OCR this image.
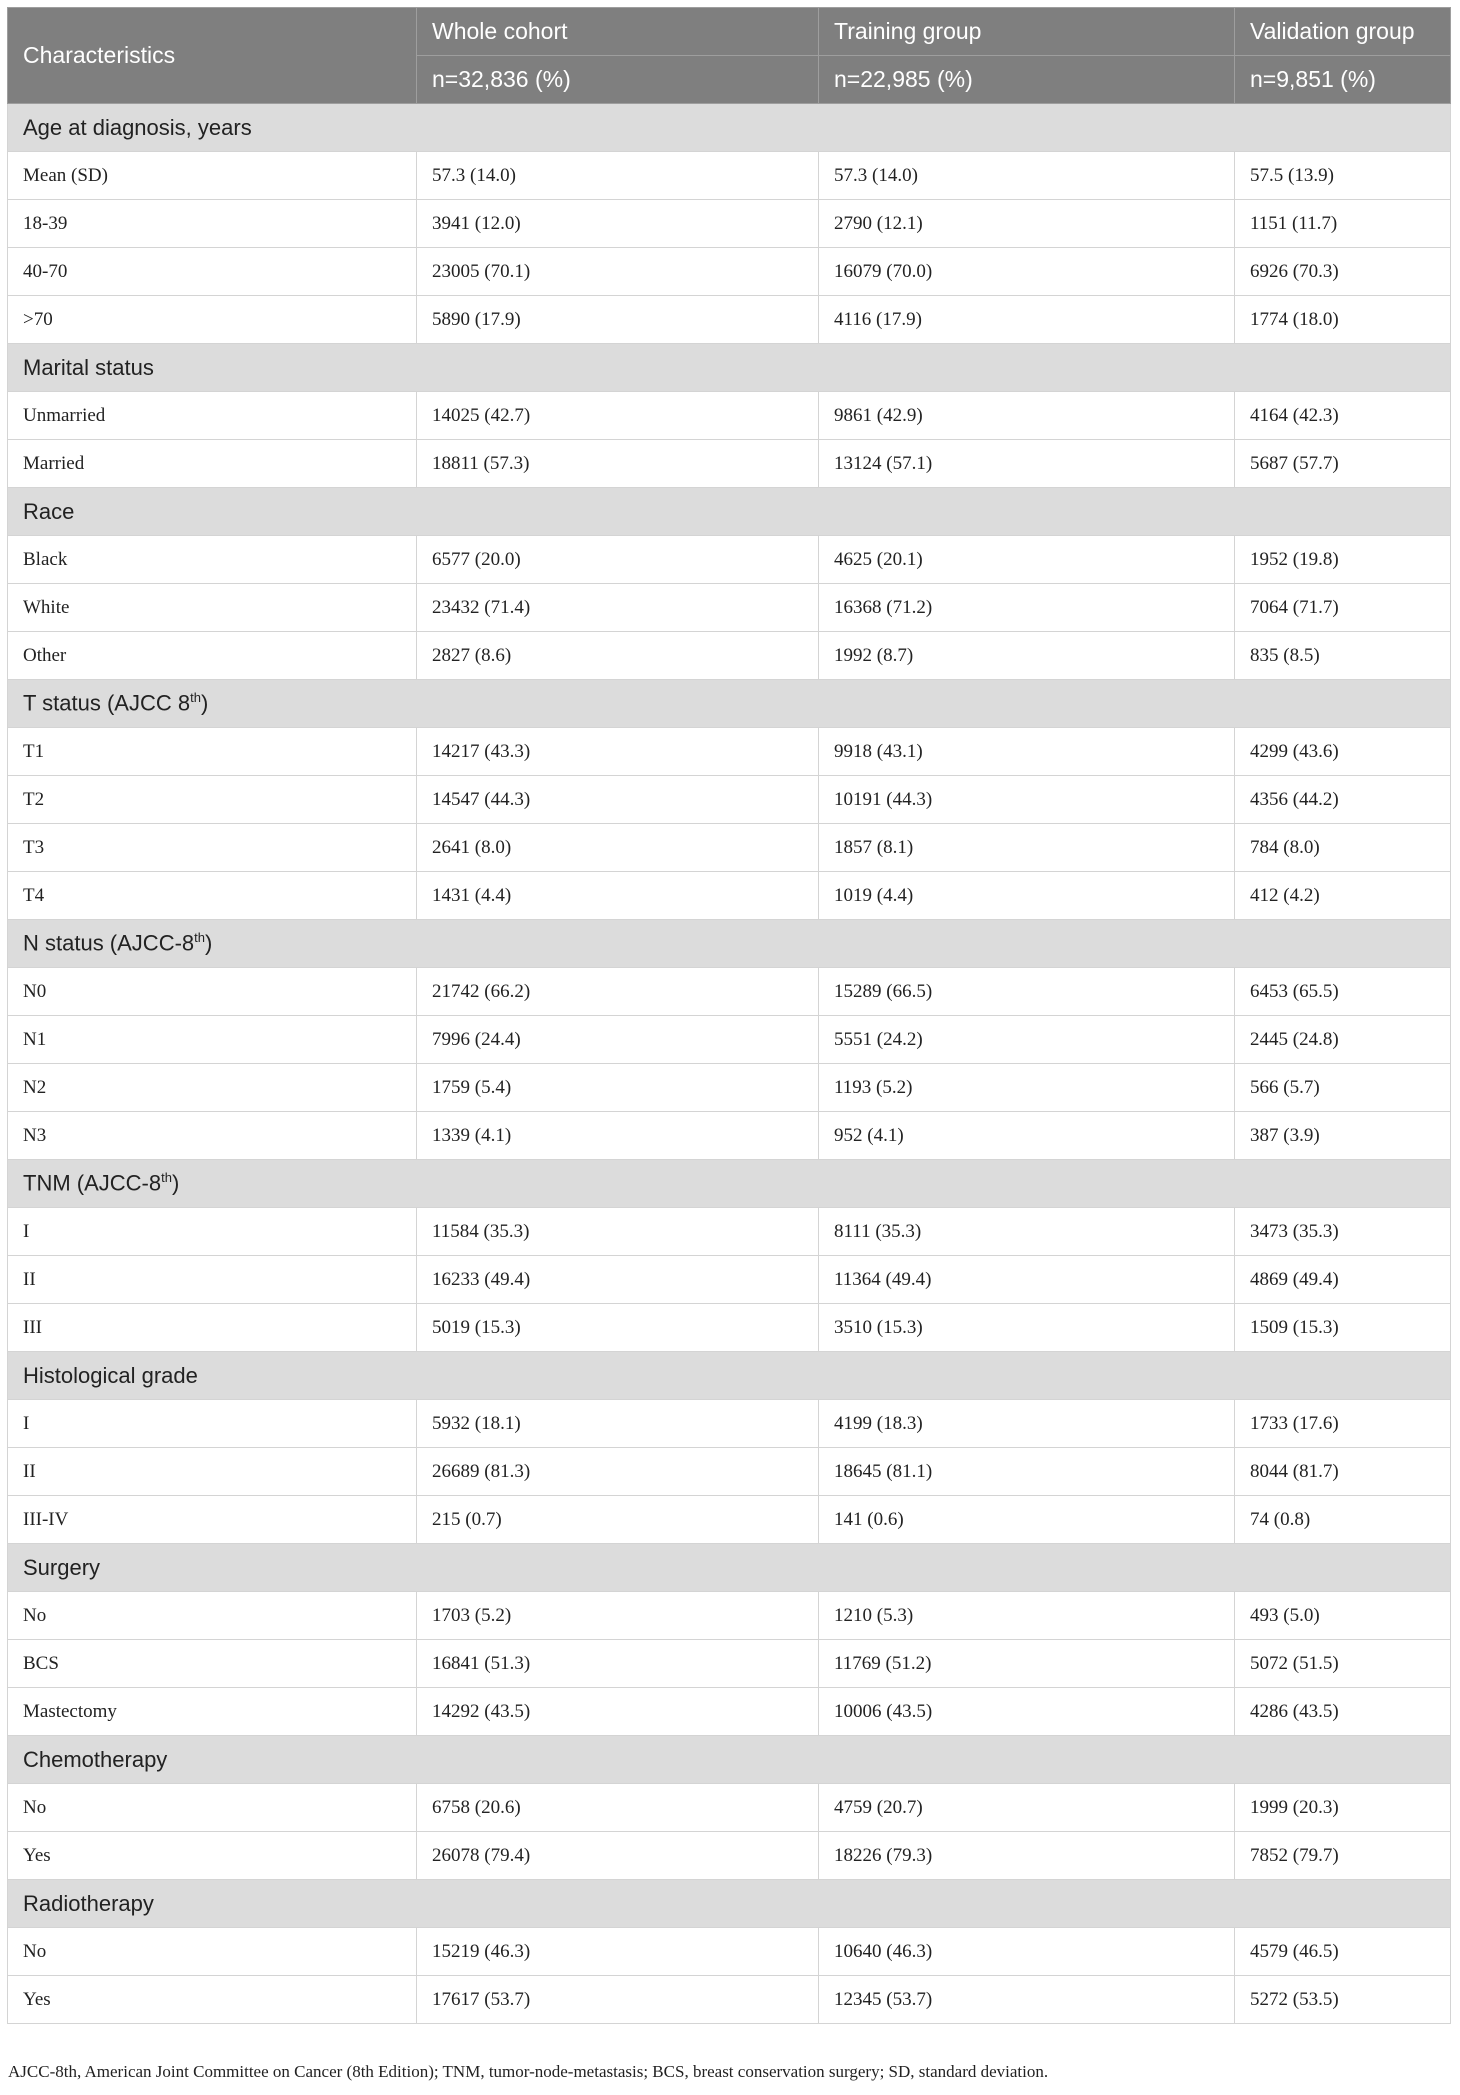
Characteristics	Whole cohort	Training group	Validation group
	n=32,836 (%)	n=22,985 (%)	n=9,851 (%)
Age at diagnosis, years			
Mean (SD)	57.3 (14.0)	57.3 (14.0)	57.5 (13.9)
18-39	3941 (12.0)	2790 (12.1)	1151 (11.7)
40-70	23005 (70.1)	16079 (70.0)	6926 (70.3)
>70	5890 (17.9)	4116 (17.9)	1774 (18.0)
Marital status			
Unmarried	14025 (42.7)	9861 (42.9)	4164 (42.3)
Married	18811 (57.3)	13124 (57.1)	5687 (57.7)
Race			
Black	6577 (20.0)	4625 (20.1)	1952 (19.8)
White	23432 (71.4)	16368 (71.2)	7064 (71.7)
Other	2827 (8.6)	1992 (8.7)	835 (8.5)
T status (AJCC 8th)			
T1	14217 (43.3)	9918 (43.1)	4299 (43.6)
T2	14547 (44.3)	10191 (44.3)	4356 (44.2)
T3	2641 (8.0)	1857 (8.1)	784 (8.0)
T4	1431 (4.4)	1019 (4.4)	412 (4.2)
N status (AJCC-8th)			
N0	21742 (66.2)	15289 (66.5)	6453 (65.5)
N1	7996 (24.4)	5551 (24.2)	2445 (24.8)
N2	1759 (5.4)	1193 (5.2)	566 (5.7)
N3	1339 (4.1)	952 (4.1)	387 (3.9)
TNM (AJCC-8th)			
I	11584 (35.3)	8111 (35.3)	3473 (35.3)
II	16233 (49.4)	11364 (49.4)	4869 (49.4)
III	5019 (15.3)	3510 (15.3)	1509 (15.3)
Histological grade			
I	5932 (18.1)	4199 (18.3)	1733 (17.6)
II	26689 (81.3)	18645 (81.1)	8044 (81.7)
III-IV	215 (0.7)	141 (0.6)	74 (0.8)
Surgery			
No	1703 (5.2)	1210 (5.3)	493 (5.0)
BCS	16841 (51.3)	11769 (51.2)	5072 (51.5)
Mastectomy	14292 (43.5)	10006 (43.5)	4286 (43.5)
Chemotherapy			
No	6758 (20.6)	4759 (20.7)	1999 (20.3)
Yes	26078 (79.4)	18226 (79.3)	7852 (79.7)
Radiotherapy			
No	15219 (46.3)	10640 (46.3)	4579 (46.5)
Yes	17617 (53.7)	12345 (53.7)	5272 (53.5)
AJCC-8th, American Joint Committee on Cancer (8th Edition); TNM, tumor-node-metastasis; BCS, breast conservation surgery; SD, standard deviation.
